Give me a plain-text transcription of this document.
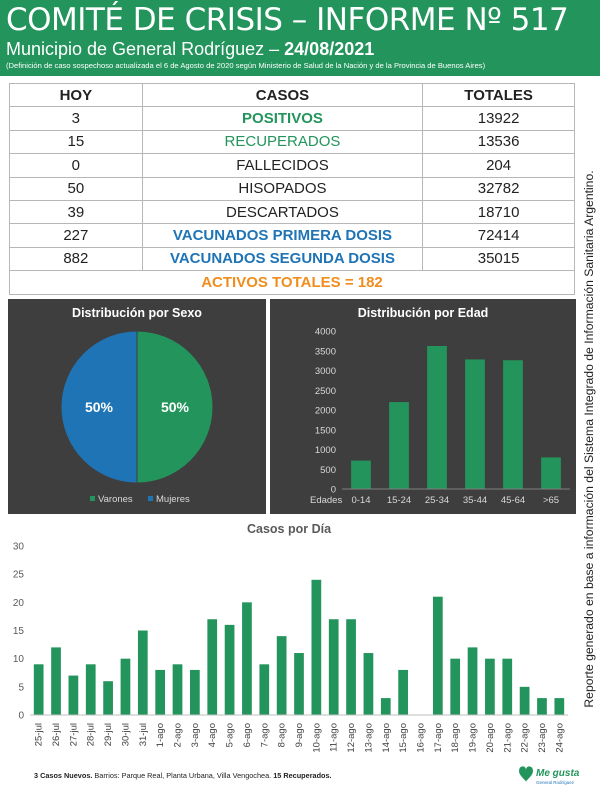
COMITÉ DE CRISIS – INFORME Nº 517
Municipio de General Rodríguez – 24/08/2021
(Definición de caso sospechoso actualizada el 6 de Agosto de 2020 según Ministerio de Salud de la Nación y de la Provincia de Buenos Aires)
Reporte generado en base a información del Sistema Integrado de Información Sanitaria Argentino.
HOY	CASOS	TOTALES
3	POSITIVOS	13922
15	RECUPERADOS	13536
0	FALLECIDOS	204
50	HISOPADOS	32782
39	DESCARTADOS	18710
227	VACUNADOS PRIMERA DOSIS	72414
882	VACUNADOS SEGUNDA DOSIS	35015
ACTIVOS TOTALES = 182		
Distribución por Sexo
50%
50%
Varones Mujeres
Distribución por Edad
0
500
1000
1500
2000
2500
3000
3500
4000
0-14 15-24 25-34 35-44 45-64 >65
Edades
Casos por Día
0
5
10
15
20
25
30
25-jul 26-jul 27-jul 28-jul 29-jul 30-jul 31-jul 1-ago 2-ago 3-ago 4-ago 5-ago 6-ago 7-ago 8-ago 9-ago 10-ago 11-ago 12-ago 13-ago 14-ago 15-ago 16-ago 17-ago 18-ago 19-ago 20-ago 21-ago 22-ago 23-ago 24-ago
3 Casos Nuevos. Barrios: Parque Real, Planta Urbana, Villa Vengochea. 15 Recuperados.	Me gusta
General Rodríguez
